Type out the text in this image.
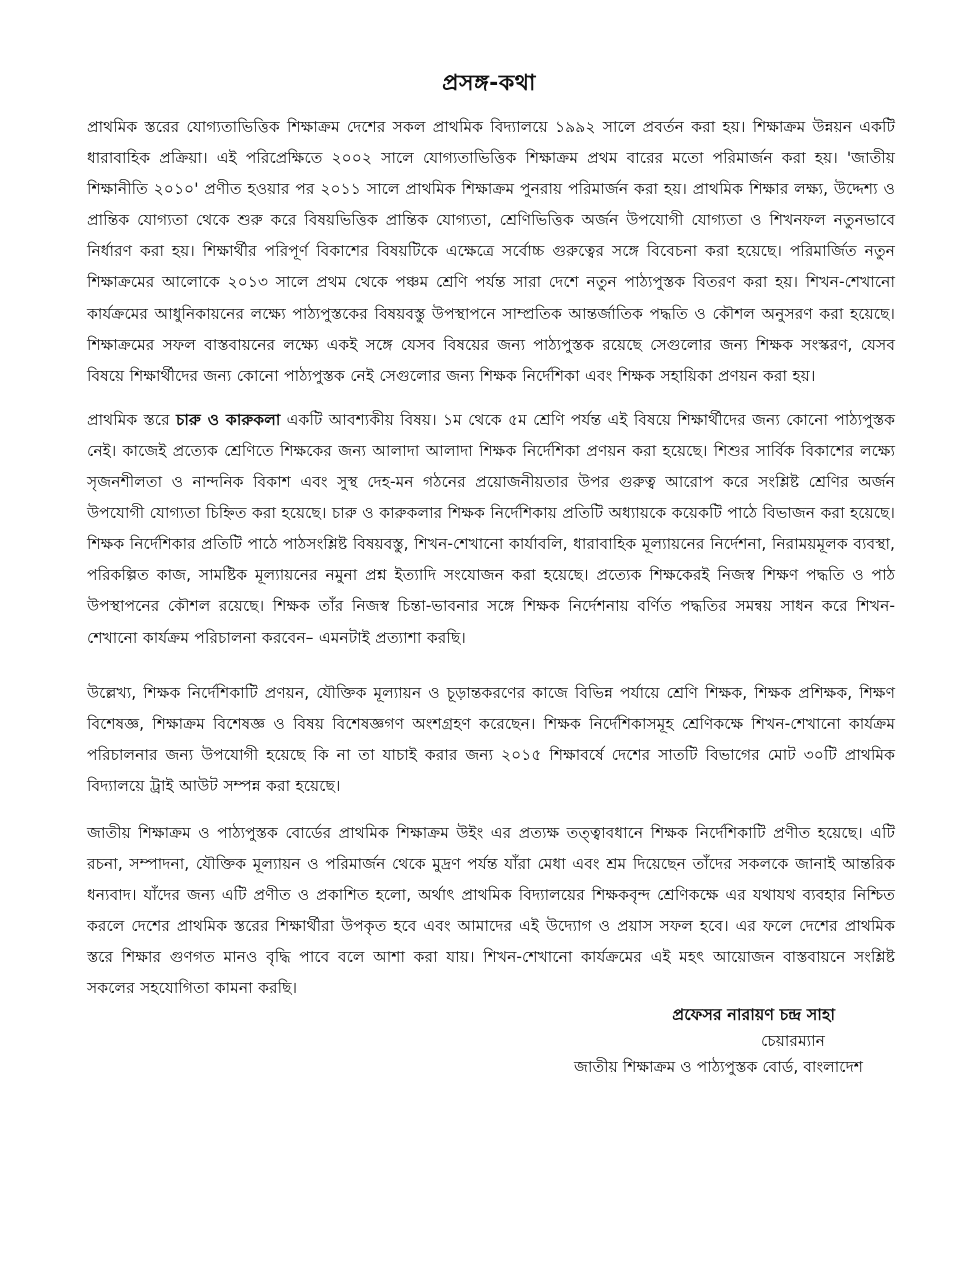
প্রসঙ্গ-কথা

প্রাথমিক স্তরের যোগ্যতাভিত্তিক শিক্ষাক্রম দেশের সকল প্রাথমিক বিদ্যালয়ে ১৯৯২ সালে প্রবর্তন করা হয়। শিক্ষাক্রম উন্নয়ন একটি ধারাবাহিক প্রক্রিয়া। এই পরিপ্রেক্ষিতে ২০০২ সালে যোগ্যতাভিত্তিক শিক্ষাক্রম প্রথম বারের মতো পরিমার্জন করা হয়। 'জাতীয় শিক্ষানীতি ২০১০' প্রণীত হওয়ার পর ২০১১ সালে প্রাথমিক শিক্ষাক্রম পুনরায় পরিমার্জন করা হয়। প্রাথমিক শিক্ষার লক্ষ্য, উদ্দেশ্য ও প্রান্তিক যোগ্যতা থেকে শুরু করে বিষয়ভিত্তিক প্রান্তিক যোগ্যতা, শ্রেণিভিত্তিক অর্জন উপযোগী যোগ্যতা ও শিখনফল নতুনভাবে নির্ধারণ করা হয়। শিক্ষার্থীর পরিপূর্ণ বিকাশের বিষয়টিকে এক্ষেত্রে সর্বোচ্চ গুরুত্বের সঙ্গে বিবেচনা করা হয়েছে। পরিমার্জিত নতুন শিক্ষাক্রমের আলোকে ২০১৩ সালে প্রথম থেকে পঞ্চম শ্রেণি পর্যন্ত সারা দেশে নতুন পাঠ্যপুস্তক বিতরণ করা হয়। শিখন-শেখানো কার্যক্রমের আধুনিকায়নের লক্ষ্যে পাঠ্যপুস্তকের বিষয়বস্তু উপস্থাপনে সাম্প্রতিক আন্তর্জাতিক পদ্ধতি ও কৌশল অনুসরণ করা হয়েছে। শিক্ষাক্রমের সফল বাস্তবায়নের লক্ষ্যে একই সঙ্গে যেসব বিষয়ের জন্য পাঠ্যপুস্তক রয়েছে সেগুলোর জন্য শিক্ষক সংস্করণ, যেসব বিষয়ে শিক্ষার্থীদের জন্য কোনো পাঠ্যপুস্তক নেই সেগুলোর জন্য শিক্ষক নির্দেশিকা এবং শিক্ষক সহায়িকা প্রণয়ন করা হয়।

প্রাথমিক স্তরে চারু ও কারুকলা একটি আবশ্যকীয় বিষয়। ১ম থেকে ৫ম শ্রেণি পর্যন্ত এই বিষয়ে শিক্ষার্থীদের জন্য কোনো পাঠ্যপুস্তক নেই। কাজেই প্রত্যেক শ্রেণিতে শিক্ষকের জন্য আলাদা আলাদা শিক্ষক নির্দেশিকা প্রণয়ন করা হয়েছে। শিশুর সার্বিক বিকাশের লক্ষ্যে সৃজনশীলতা ও নান্দনিক বিকাশ এবং সুস্থ দেহ-মন গঠনের প্রয়োজনীয়তার উপর গুরুত্ব আরোপ করে সংশ্লিষ্ট শ্রেণির অর্জন উপযোগী যোগ্যতা চিহ্নিত করা হয়েছে। চারু ও কারুকলার শিক্ষক নির্দেশিকায় প্রতিটি অধ্যায়কে কয়েকটি পাঠে বিভাজন করা হয়েছে। শিক্ষক নির্দেশিকার প্রতিটি পাঠে পাঠসংশ্লিষ্ট বিষয়বস্তু, শিখন-শেখানো কার্যাবলি, ধারাবাহিক মূল্যায়নের নির্দেশনা, নিরাময়মূলক ব্যবস্থা, পরিকল্পিত কাজ, সামষ্টিক মূল্যায়নের নমুনা প্রশ্ন ইত্যাদি সংযোজন করা হয়েছে। প্রত্যেক শিক্ষকেরই নিজস্ব শিক্ষণ পদ্ধতি ও পাঠ উপস্থাপনের কৌশল রয়েছে। শিক্ষক তাঁর নিজস্ব চিন্তা-ভাবনার সঙ্গে শিক্ষক নির্দেশনায় বর্ণিত পদ্ধতির সমন্বয় সাধন করে শিখন-শেখানো কার্যক্রম পরিচালনা করবেন– এমনটাই প্রত্যাশা করছি।

উল্লেখ্য, শিক্ষক নির্দেশিকাটি প্রণয়ন, যৌক্তিক মূল্যায়ন ও চূড়ান্তকরণের কাজে বিভিন্ন পর্যায়ে শ্রেণি শিক্ষক, শিক্ষক প্রশিক্ষক, শিক্ষণ বিশেষজ্ঞ, শিক্ষাক্রম বিশেষজ্ঞ ও বিষয় বিশেষজ্ঞগণ অংশগ্রহণ করেছেন। শিক্ষক নির্দেশিকাসমূহ শ্রেণিকক্ষে শিখন-শেখানো কার্যক্রম পরিচালনার জন্য উপযোগী হয়েছে কি না তা যাচাই করার জন্য ২০১৫ শিক্ষাবর্ষে দেশের সাতটি বিভাগের মোট ৩০টি প্রাথমিক বিদ্যালয়ে ট্রাই আউট সম্পন্ন করা হয়েছে।

জাতীয় শিক্ষাক্রম ও পাঠ্যপুস্তক বোর্ডের প্রাথমিক শিক্ষাক্রম উইং এর প্রত্যক্ষ তত্ত্বাবধানে শিক্ষক নির্দেশিকাটি প্রণীত হয়েছে। এটি রচনা, সম্পাদনা, যৌক্তিক মূল্যায়ন ও পরিমার্জন থেকে মুদ্রণ পর্যন্ত যাঁরা মেধা এবং শ্রম দিয়েছেন তাঁদের সকলকে জানাই আন্তরিক ধন্যবাদ। যাঁদের জন্য এটি প্রণীত ও প্রকাশিত হলো, অর্থাৎ প্রাথমিক বিদ্যালয়ের শিক্ষকবৃন্দ শ্রেণিকক্ষে এর যথাযথ ব্যবহার নিশ্চিত করলে দেশের প্রাথমিক স্তরের শিক্ষার্থীরা উপকৃত হবে এবং আমাদের এই উদ্যোগ ও প্রয়াস সফল হবে। এর ফলে দেশের প্রাথমিক স্তরে শিক্ষার গুণগত মানও বৃদ্ধি পাবে বলে আশা করা যায়। শিখন-শেখানো কার্যক্রমের এই মহৎ আয়োজন বাস্তবায়নে সংশ্লিষ্ট সকলের সহযোগিতা কামনা করছি।

প্রফেসর নারায়ণ চন্দ্র সাহা
চেয়ারম্যান
জাতীয় শিক্ষাক্রম ও পাঠ্যপুস্তক বোর্ড, বাংলাদেশ
